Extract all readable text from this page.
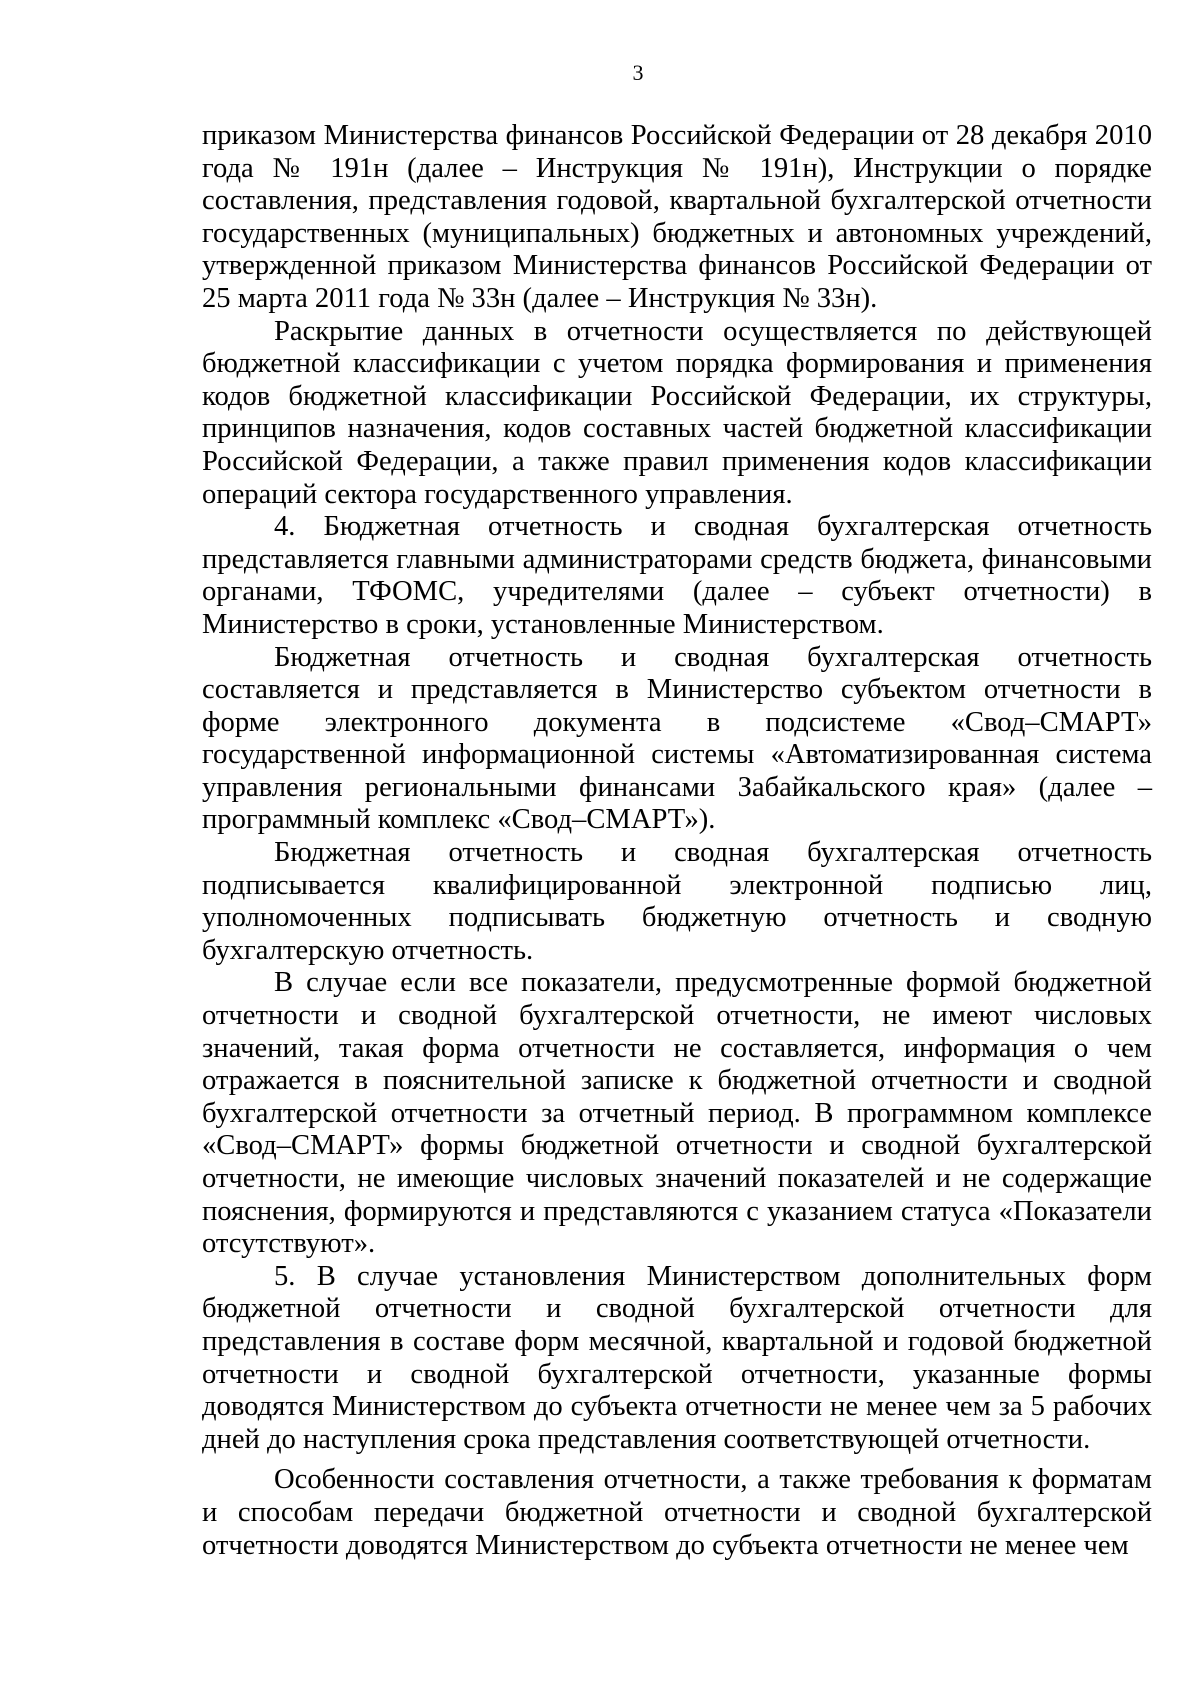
3

приказом Министерства финансов Российской Федерации от 28 декабря 2010 года № 191н (далее – Инструкция № 191н), Инструкции о порядке составления, представления годовой, квартальной бухгалтерской отчетности государственных (муниципальных) бюджетных и автономных учреждений, утвержденной приказом Министерства финансов Российской Федерации от 25 марта 2011 года № 33н (далее – Инструкция № 33н).

Раскрытие данных в отчетности осуществляется по действующей бюджетной классификации с учетом порядка формирования и применения кодов бюджетной классификации Российской Федерации, их структуры, принципов назначения, кодов составных частей бюджетной классификации Российской Федерации, а также правил применения кодов классификации операций сектора государственного управления.

4. Бюджетная отчетность и сводная бухгалтерская отчетность представляется главными администраторами средств бюджета, финансовыми органами, ТФОМС, учредителями (далее – субъект отчетности) в Министерство в сроки, установленные Министерством.

Бюджетная отчетность и сводная бухгалтерская отчетность составляется и представляется в Министерство субъектом отчетности в форме электронного документа в подсистеме «Свод–СМАРТ» государственной информационной системы «Автоматизированная система управления региональными финансами Забайкальского края» (далее – программный комплекс «Свод–СМАРТ»).

Бюджетная отчетность и сводная бухгалтерская отчетность подписывается квалифицированной электронной подписью лиц, уполномоченных подписывать бюджетную отчетность и сводную бухгалтерскую отчетность.

В случае если все показатели, предусмотренные формой бюджетной отчетности и сводной бухгалтерской отчетности, не имеют числовых значений, такая форма отчетности не составляется, информация о чем отражается в пояснительной записке к бюджетной отчетности и сводной бухгалтерской отчетности за отчетный период. В программном комплексе «Свод–СМАРТ» формы бюджетной отчетности и сводной бухгалтерской отчетности, не имеющие числовых значений показателей и не содержащие пояснения, формируются и представляются с указанием статуса «Показатели отсутствуют».

5. В случае установления Министерством дополнительных форм бюджетной отчетности и сводной бухгалтерской отчетности для представления в составе форм месячной, квартальной и годовой бюджетной отчетности и сводной бухгалтерской отчетности, указанные формы доводятся Министерством до субъекта отчетности не менее чем за 5 рабочих дней до наступления срока представления соответствующей отчетности.

Особенности составления отчетности, а также требования к форматам и способам передачи бюджетной отчетности и сводной бухгалтерской отчетности доводятся Министерством до субъекта отчетности не менее чем
